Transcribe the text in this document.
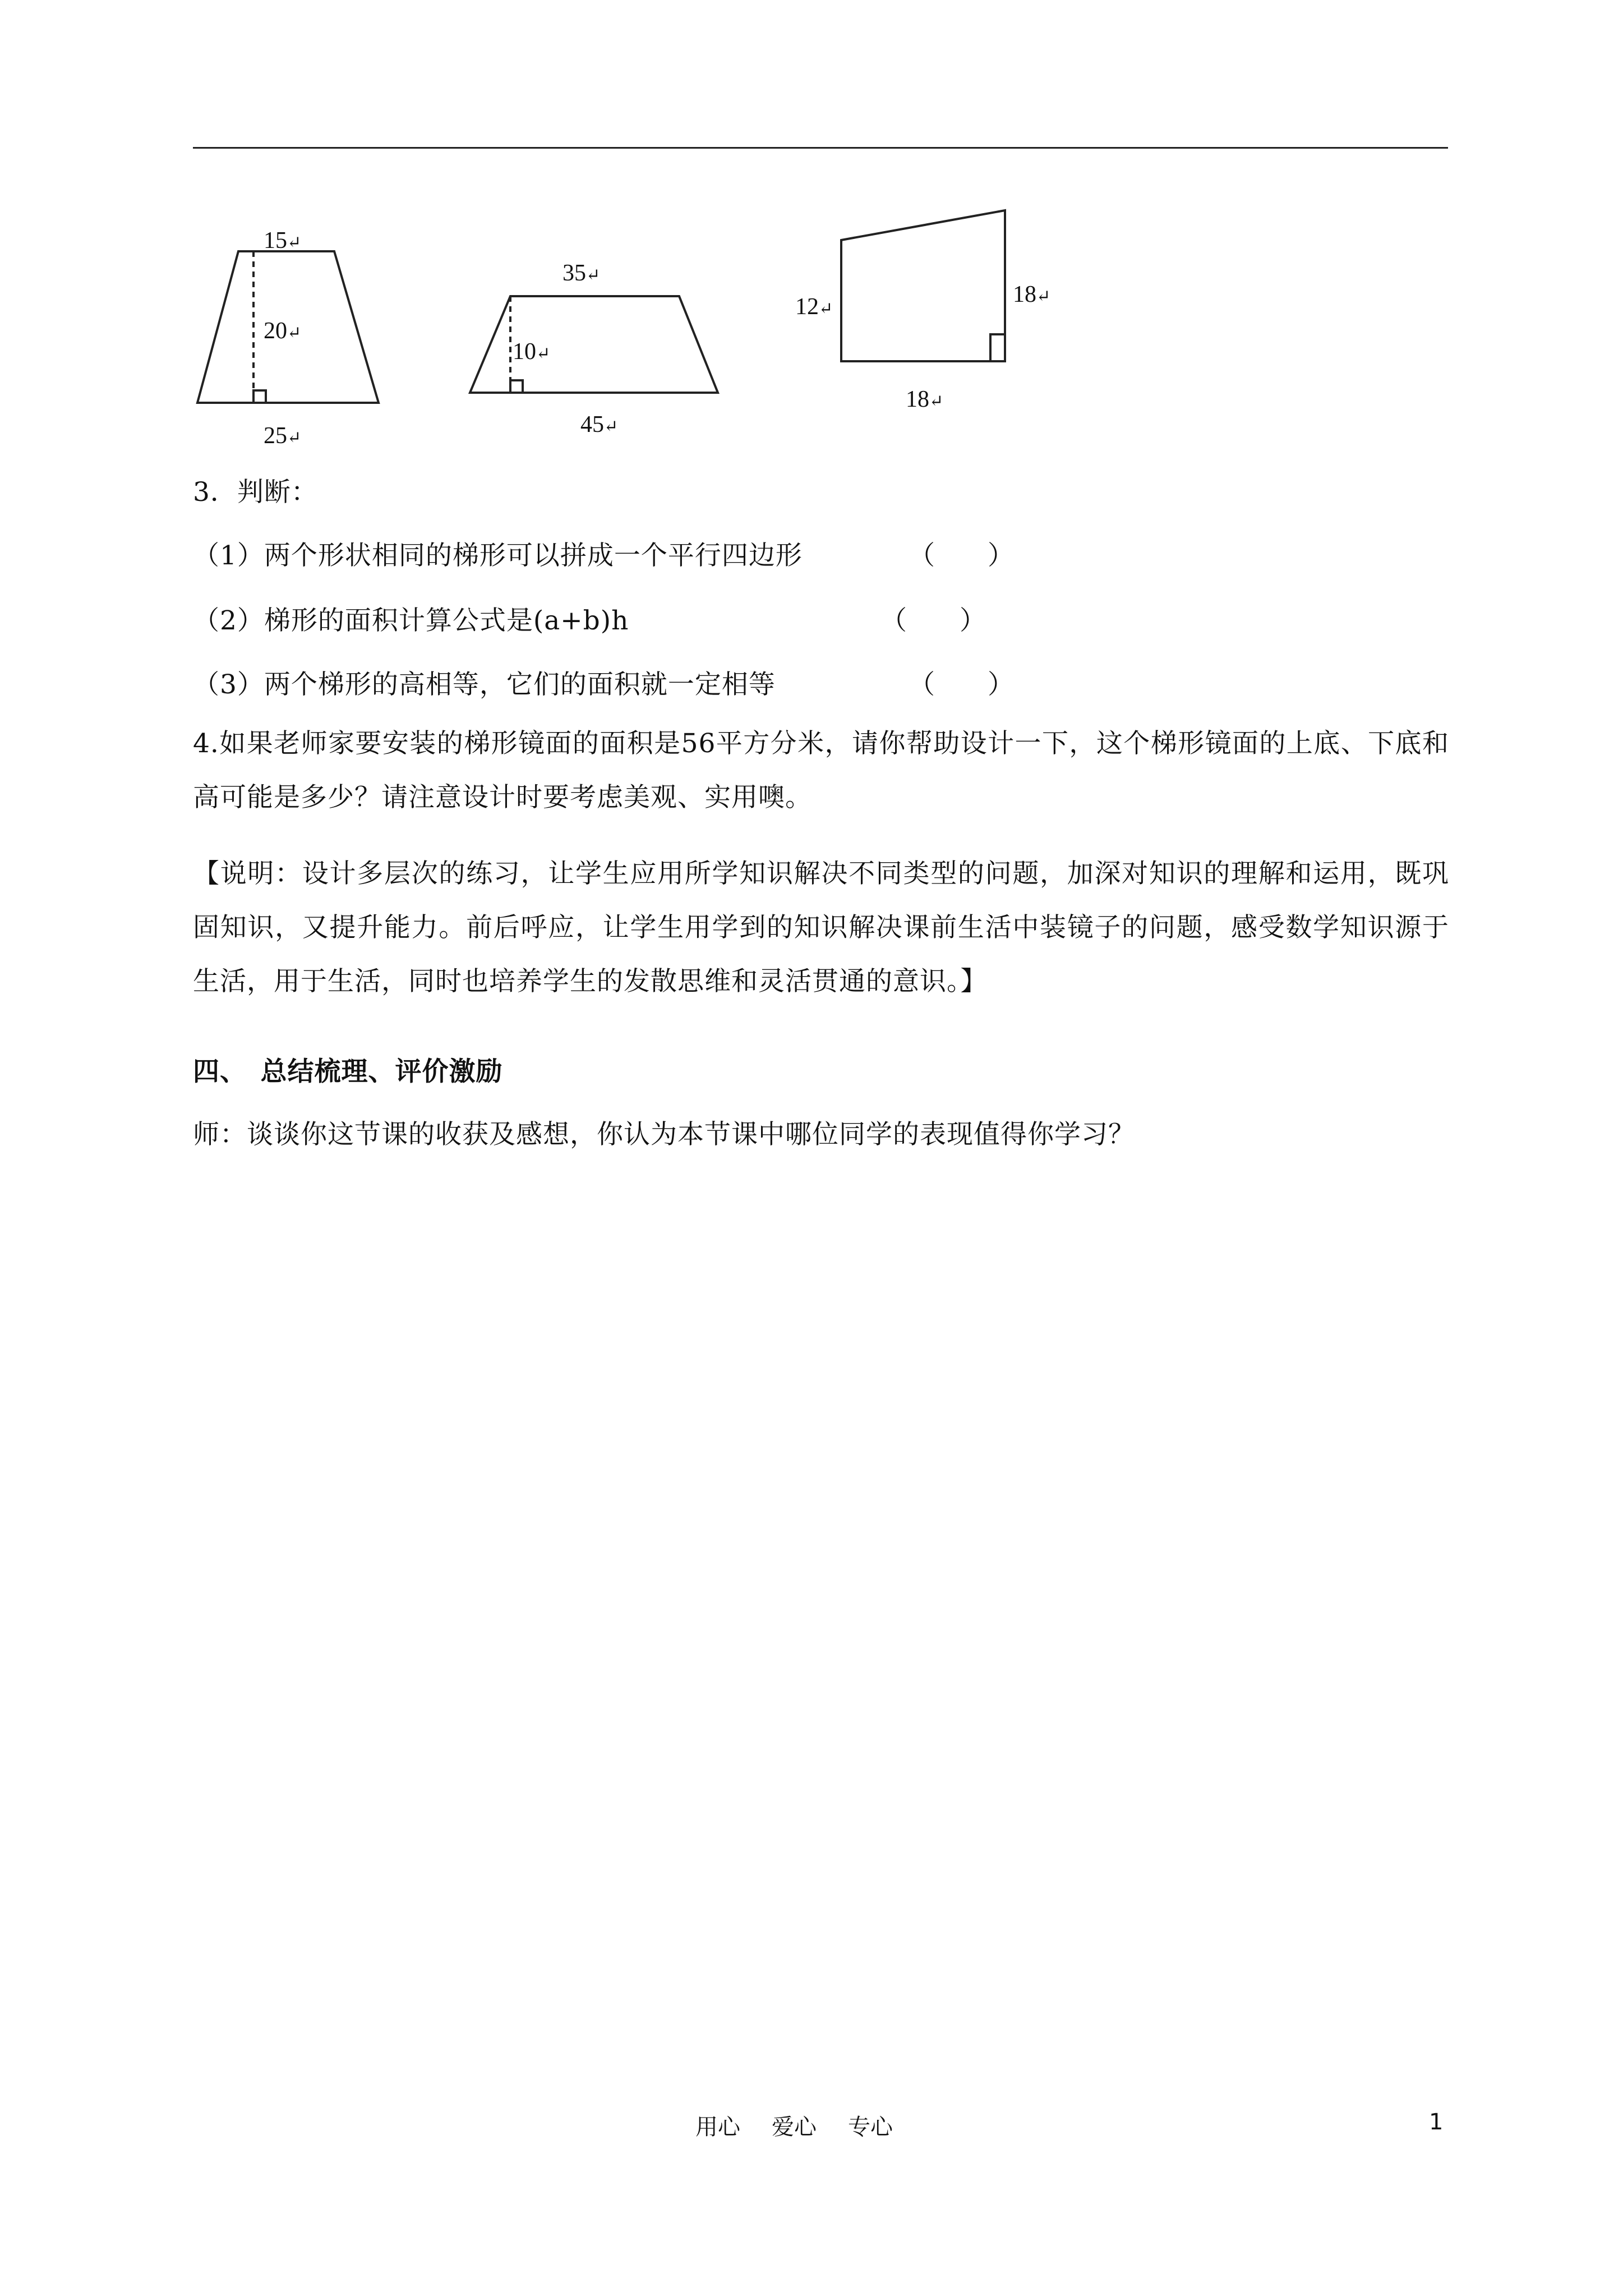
15↵
20↵
25↵
35↵
10↵
45↵
12↵
18↵
18↵
3．判断：
（1）两个形状相同的梯形可以拼成一个平行四边形	（　　）
（2）梯形的面积计算公式是(a+b)h	（　　）
（3）两个梯形的高相等，它们的面积就一定相等	（　　）
4.如果老师家要安装的梯形镜面的面积是56平方分米，请你帮助设计一下，这个梯形镜面的上底、下底和高可能是多少？请注意设计时要考虑美观、实用噢。
【说明：设计多层次的练习，让学生应用所学知识解决不同类型的问题，加深对知识的理解和运用，既巩固知识，又提升能力。前后呼应，让学生用学到的知识解决课前生活中装镜子的问题，感受数学知识源于生活，用于生活，同时也培养学生的发散思维和灵活贯通的意识。】
四、　总结梳理、评价激励
师：谈谈你这节课的收获及感想，你认为本节课中哪位同学的表现值得你学习？
用心 爱心 专心	1
